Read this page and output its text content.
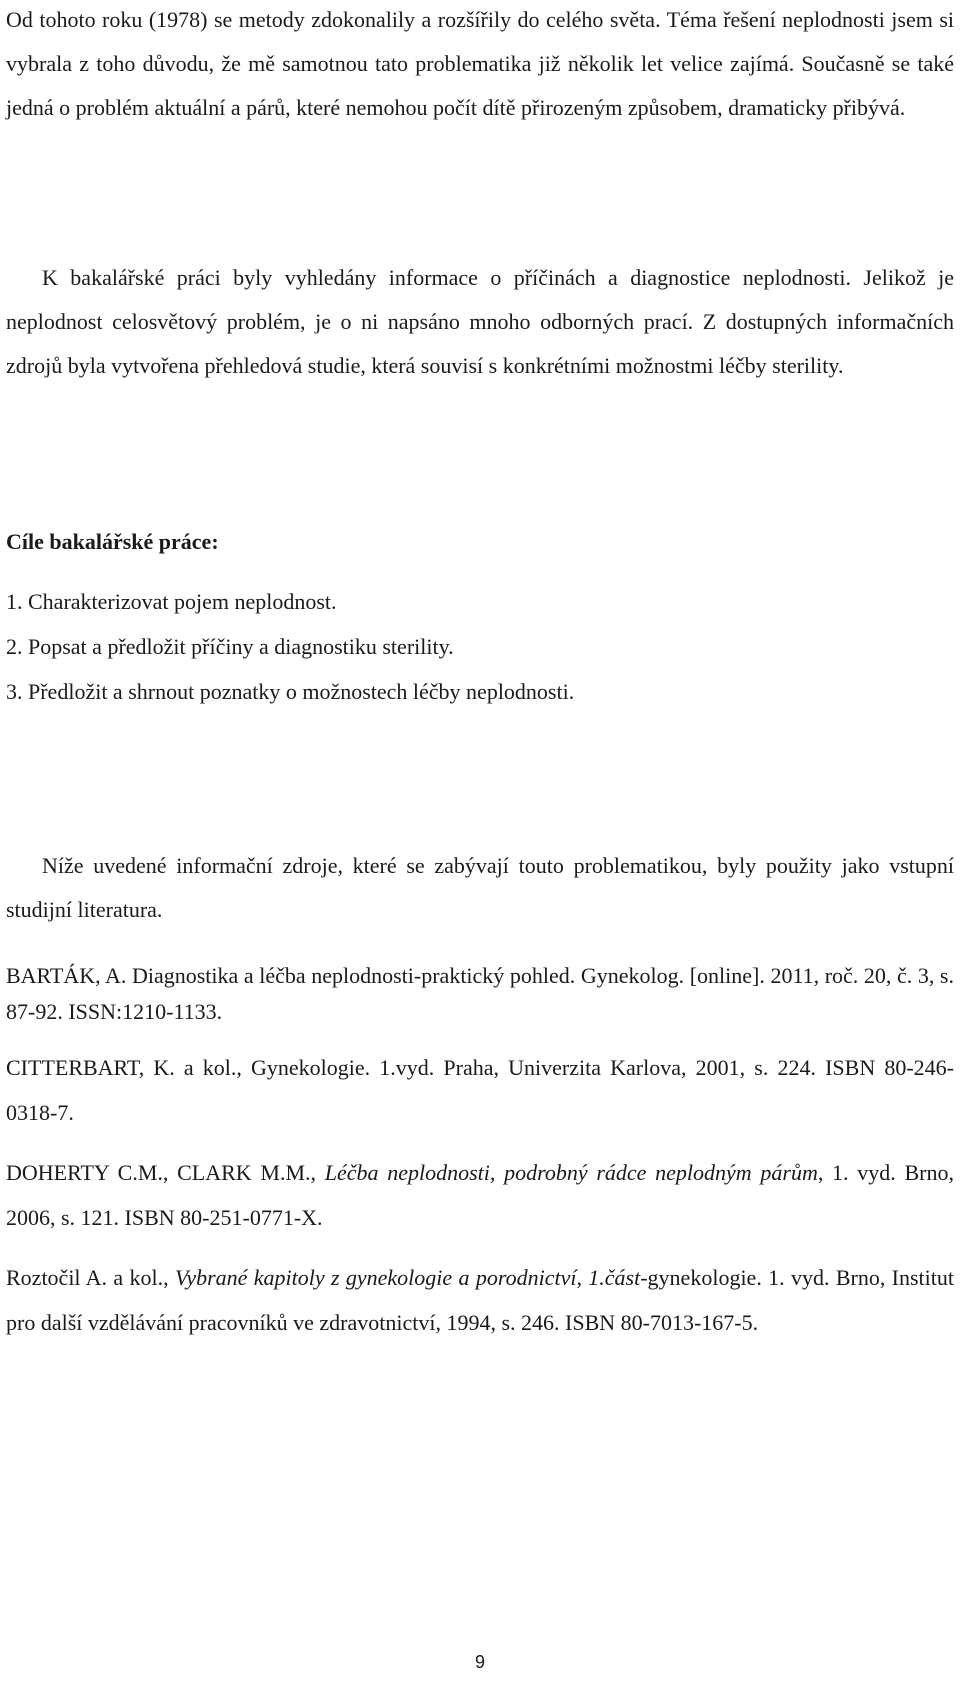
Od tohoto roku (1978) se metody zdokonalily a rozšířily do celého světa. Téma řešení neplodnosti jsem si vybrala z toho důvodu, že mě samotnou tato problematika již několik let velice zajímá. Současně se také jedná o problém aktuální a párů, které nemohou počít dítě přirozeným způsobem, dramaticky přibývá.

K bakalářské práci byly vyhledány informace o příčinách a diagnostice neplodnosti. Jelikož je neplodnost celosvětový problém, je o ni napsáno mnoho odborných prací. Z dostupných informačních zdrojů byla vytvořena přehledová studie, která souvisí s konkrétními možnostmi léčby sterility.

Cíle bakalářské práce:

1. Charakterizovat pojem neplodnost.
2. Popsat a předložit příčiny a diagnostiku sterility.
3. Předložit a shrnout poznatky o možnostech léčby neplodnosti.

Níže uvedené informační zdroje, které se zabývají touto problematikou, byly použity jako vstupní studijní literatura.

BARTÁK, A. Diagnostika a léčba neplodnosti-praktický pohled. Gynekolog. [online]. 2011, roč. 20, č. 3, s. 87-92. ISSN:1210-1133.

CITTERBART, K. a kol., Gynekologie. 1.vyd. Praha, Univerzita Karlova, 2001, s. 224. ISBN 80-246-0318-7.

DOHERTY C.M., CLARK M.M., Léčba neplodnosti, podrobný rádce neplodným párům, 1. vyd. Brno, 2006, s. 121. ISBN 80-251-0771-X.

Roztočil A. a kol., Vybrané kapitoly z gynekologie a porodnictví, 1.část-gynekologie. 1. vyd. Brno, Institut pro další vzdělávání pracovníků ve zdravotnictví, 1994, s. 246. ISBN 80-7013-167-5.

9
